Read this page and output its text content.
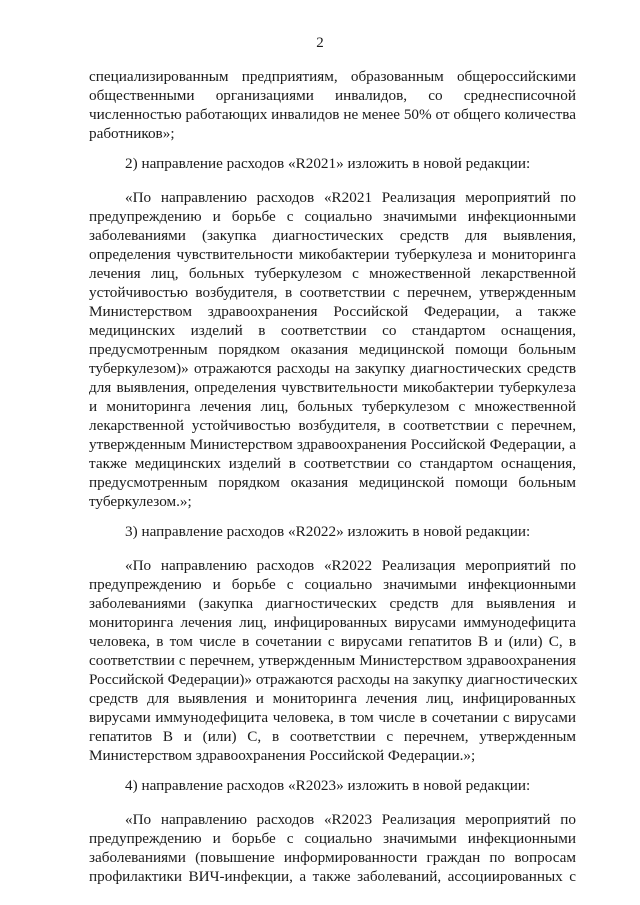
2
специализированным предприятиям, образованным общероссийскими
общественными организациями инвалидов, со среднесписочной
численностью работающих инвалидов не менее 50% от общего количества
работников»;
2) направление расходов «R2021» изложить в новой редакции:
«По направлению расходов «R2021 Реализация мероприятий по
предупреждению и борьбе с социально значимыми инфекционными
заболеваниями (закупка диагностических средств для выявления,
определения чувствительности микобактерии туберкулеза и мониторинга
лечения лиц, больных туберкулезом с множественной лекарственной
устойчивостью возбудителя, в соответствии с перечнем, утвержденным
Министерством здравоохранения Российской Федерации, а также
медицинских изделий в соответствии со стандартом оснащения,
предусмотренным порядком оказания медицинской помощи больным
туберкулезом)» отражаются расходы на закупку диагностических средств
для выявления, определения чувствительности микобактерии туберкулеза
и мониторинга лечения лиц, больных туберкулезом с множественной
лекарственной устойчивостью возбудителя, в соответствии с перечнем,
утвержденным Министерством здравоохранения Российской Федерации, а
также медицинских изделий в соответствии со стандартом оснащения,
предусмотренным порядком оказания медицинской помощи больным
туберкулезом.»;
3) направление расходов «R2022» изложить в новой редакции:
«По направлению расходов «R2022 Реализация мероприятий по
предупреждению и борьбе с социально значимыми инфекционными
заболеваниями (закупка диагностических средств для выявления и
мониторинга лечения лиц, инфицированных вирусами иммунодефицита
человека, в том числе в сочетании с вирусами гепатитов В и (или) С, в
соответствии с перечнем, утвержденным Министерством здравоохранения
Российской Федерации)» отражаются расходы на закупку диагностических
средств для выявления и мониторинга лечения лиц, инфицированных
вирусами иммунодефицита человека, в том числе в сочетании с вирусами
гепатитов В и (или) С, в соответствии с перечнем, утвержденным
Министерством здравоохранения Российской Федерации.»;
4) направление расходов «R2023» изложить в новой редакции:
«По направлению расходов «R2023 Реализация мероприятий по
предупреждению и борьбе с социально значимыми инфекционными
заболеваниями (повышение информированности граждан по вопросам
профилактики ВИЧ-инфекции, а также заболеваний, ассоциированных с
